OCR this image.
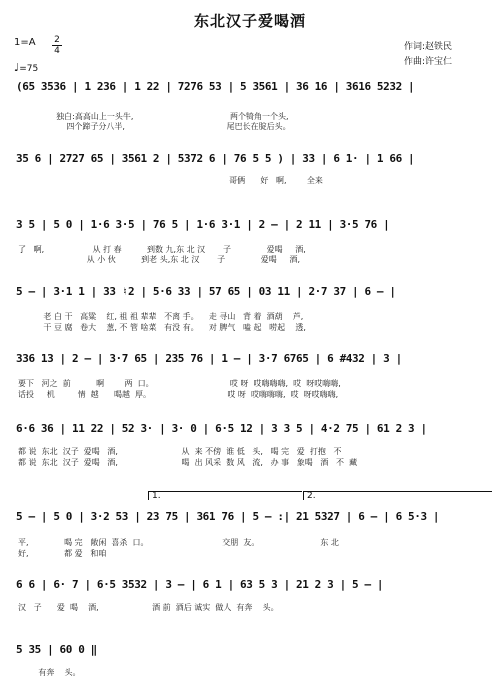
东北汉子爱喝酒
作词:赵铁民
作曲:许宝仁
1=A 2
4
♩=75
(65 3536 | 1 236 | 1 22 | 7276 53 | 5 3561 | 36 16 | 3616 5232 |
独白:高高山上一头牛,                                      两个犄角一个头,
四个蹄子分八半,                                        尾巴长在腚后头。
35 6 | 2727 65 | 3561 2 | 5372 6 | 76 5 5 ) | 33 | 6 1· | 1 66 |
哥俩      好   啊,        全来
3 5 | 5 0 | 1·6 3·5 | 76 5 | 1·6 3·1 | 2 — | 2 11 | 3·5 76 |
了   啊,                   从 打 春          到数 九,东 北 汉       子              爱喝     酒,
从 小 伙          到老 头,东 北 汉       子              爱喝     酒,
5 — | 3·1 1 | 33 ♮2 | 5·6 33 | 57 65 | 03 11 | 2·7 37 | 6 — |
老 白 干   高粱    红, 祖 祖 辈辈   不离 手。    走 寻山   背 着  酒葫    芦,
干 豆 腐   卷大    葱, 不 管 啥菜   有没 有。    对 脾气   嗑 起   唠起    透,
336 13 | 2 — | 3·7 65 | 235 76 | 1 — | 3·7 6765 | 6 #432 | 3 |
要下   河之  前          啊        两  口。                              哎 呀  哎嗨嗨嗨,  哎  呀哎嗨嗨,
话投     机         情  越      喝越  厚。                              哎 呀  哎嗨嗨嗨,  哎  呀哎嗨嗨,
6·6 36 | 11 22 | 52 3· | 3· 0 | 6·5 12 | 3 3 5 | 4·2 75 | 61 2 3 |
都 说  东北  汉子  爱喝   酒,                         从  来 不傍  谁 低   头,   喝 完   爱  打抱   不
都 说  东北  汉子  爱喝   酒,                         喝  出 风采  数 风   流,   办 事   象喝   酒   不  藏
1.	2.
5 — | 5 0 | 3·2 53 | 23 75 | 361 76 | 5 — :| 21 5327 | 6 — | 6 5·3 |
平,              喝 完   敞闲  喜杀  口。                             交朋  友。                        东 北
好,              都 爱   和咱
6 6 | 6· 7 | 6·5 3532 | 3 — | 6 1 | 63 5 3 | 21 2 3 | 5 — |
汉   子      爱  喝    酒,                     酒 前  酒后 诚实  做人  有奔    头。
5 35 | 60 0 ‖
有奔    头。
